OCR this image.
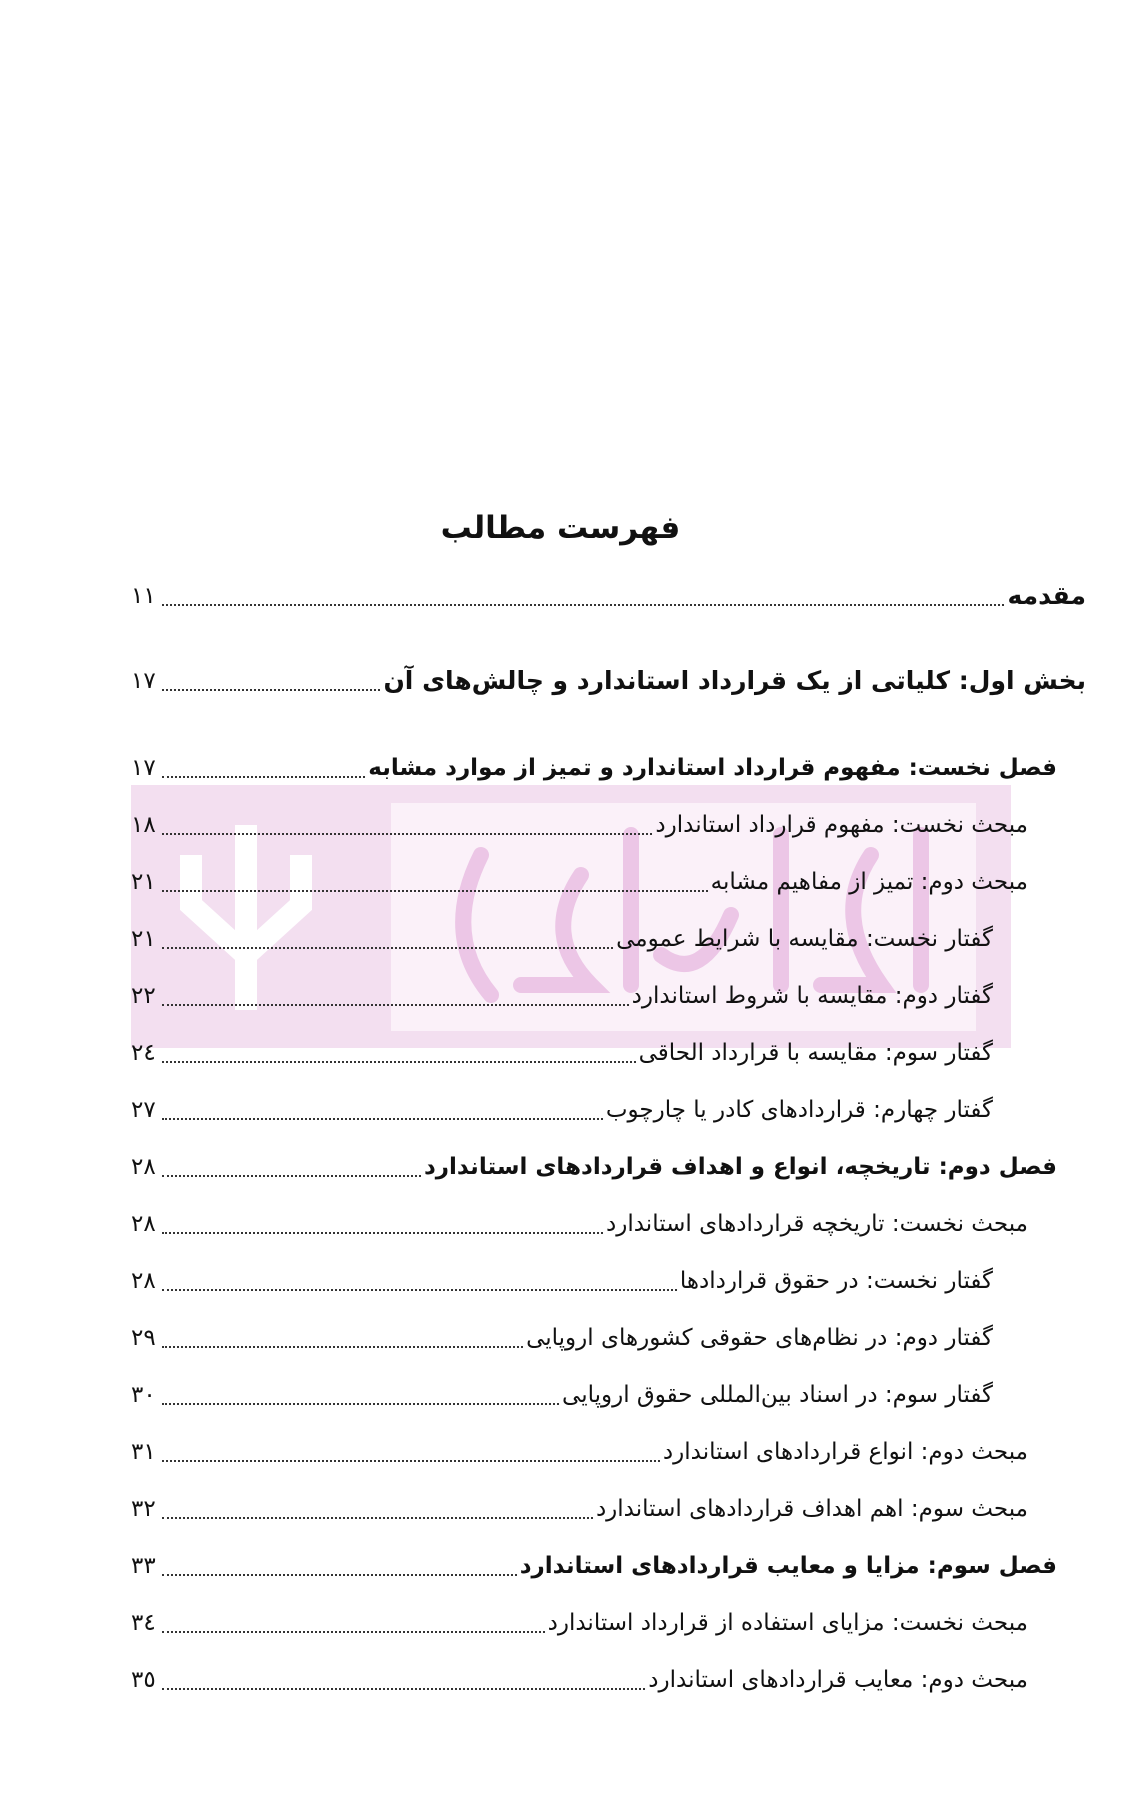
فهرست مطالب
مقدمه
١١
بخش اول: کلیاتی از یک قرارداد استاندارد و چالش‌های آن
١٧
فصل نخست: مفهوم قرارداد استاندارد و تمیز از موارد مشابه
١٧
مبحث نخست: مفهوم قرارداد استاندارد
١٨
مبحث دوم: تمیز از مفاهیم مشابه
٢١
گفتار نخست: مقایسه با شرایط عمومی
٢١
گفتار دوم: مقایسه با شروط استاندارد
٢٢
گفتار سوم: مقایسه با قرارداد الحاقی
٢٤
گفتار چهارم: قراردادهای کادر یا چارچوب
٢٧
فصل دوم: تاریخچه، انواع و اهداف قراردادهای استاندارد
٢٨
مبحث نخست: تاریخچه قراردادهای استاندارد
٢٨
گفتار نخست: در حقوق قراردادها
٢٨
گفتار دوم: در نظام‌های حقوقی کشورهای اروپایی
٢٩
گفتار سوم: در اسناد بین‌المللی حقوق اروپایی
٣٠
مبحث دوم: انواع قراردادهای استاندارد
٣١
مبحث سوم: اهم اهداف قراردادهای استاندارد
٣٢
فصل سوم: مزایا و معایب قراردادهای استاندارد
٣٣
مبحث نخست: مزایای استفاده از قرارداد استاندارد
٣٤
مبحث دوم: معایب قراردادهای استاندارد
٣٥
